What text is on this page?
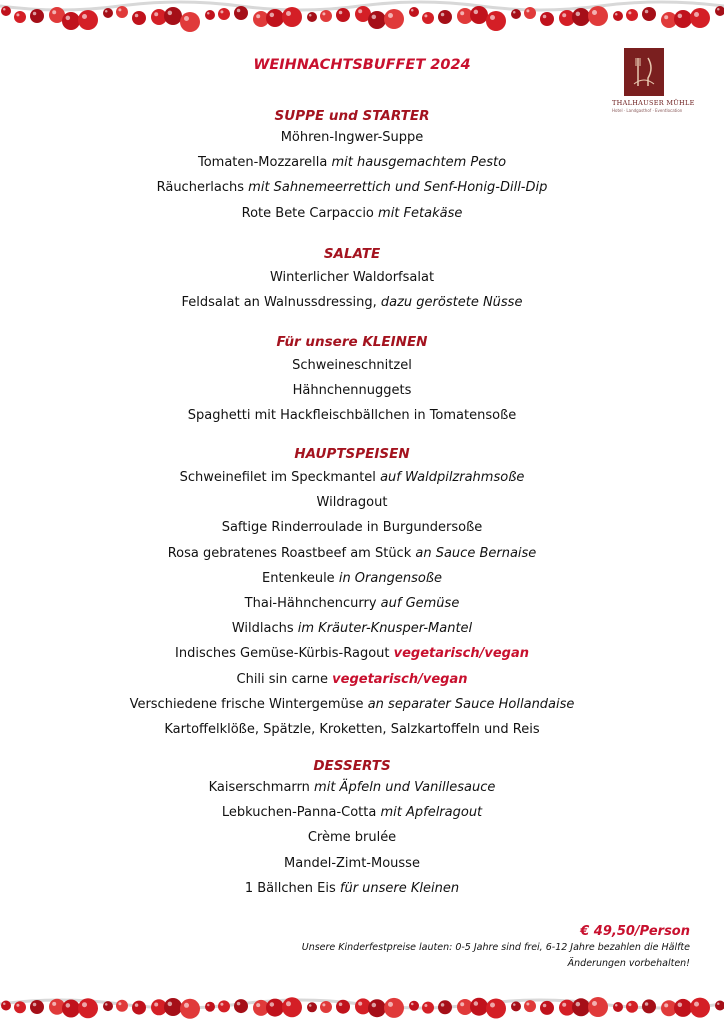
THALHAUSER MÜHLE
Hotel · Landgasthof · Eventlocation
WEIHNACHTSBUFFET 2024
SUPPE und STARTER
Möhren-Ingwer-Suppe
Tomaten-Mozzarella mit hausgemachtem Pesto
Räucherlachs mit Sahnemeerrettich und Senf-Honig-Dill-Dip
Rote Bete Carpaccio mit Fetakäse
SALATE
Winterlicher Waldorfsalat
Feldsalat an Walnussdressing, dazu geröstete Nüsse
Für unsere KLEINEN
Schweineschnitzel
Hähnchennuggets
Spaghetti mit Hackfleischbällchen in Tomatensoße
HAUPTSPEISEN
Schweinefilet im Speckmantel auf Waldpilzrahmsoße
Wildragout
Saftige Rinderroulade in Burgundersoße
Rosa gebratenes Roastbeef am Stück an Sauce Bernaise
Entenkeule in Orangensoße
Thai-Hähnchencurry auf Gemüse
Wildlachs im Kräuter-Knusper-Mantel
Indisches Gemüse-Kürbis-Ragout vegetarisch/vegan
Chili sin carne vegetarisch/vegan
Verschiedene frische Wintergemüse an separater Sauce Hollandaise
Kartoffelklöße, Spätzle, Kroketten, Salzkartoffeln und Reis
DESSERTS
Kaiserschmarrn mit Äpfeln und Vanillesauce
Lebkuchen-Panna-Cotta mit Apfelragout
Crème brulée
Mandel-Zimt-Mousse
1 Bällchen Eis für unsere Kleinen
€ 49,50/Person
Unsere Kinderfestpreise lauten: 0-5 Jahre sind frei, 6-12 Jahre bezahlen die Hälfte
Änderungen vorbehalten!
